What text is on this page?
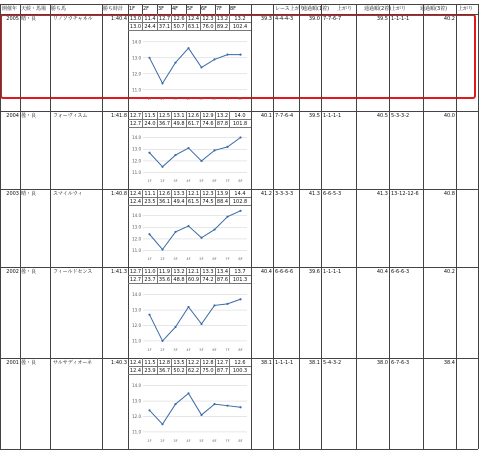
開催年 天候・馬場 勝ち馬	勝ち時計 1F 2F 3F 4F 5F 6F 7F 8F	レース上がり
通過順(1着) 上がり 通過順(2着) 上がり	通過順(3着) 上がり
2005 晴・良	リノソウチャネル	1:40.4 13.0 11.4 12.7 12.6 12.4 12.3 13.2	13.2
13.0 24.4 37.1 50.7 63.1 76.0 89.2 102.4
39.3 4-4-4-3	39.0 7-7-6-7	39.5 1-1-1-1	40.2
2004 曇・良	フォーヴィスム	1:41.8 12.7 11.5 12.5 13.1 12.6 12.9 13.2	14.0
12.7 24.0 36.7 49.8 61.7 74.6 87.8 101.8
40.1 7-7-6-4	39.5 1-1-1-1	40.5 5-3-3-2	40.0
2003 晴・良	スマイルウィ	1:40.8 12.4 11.1 12.6 13.3 12.1 12.3 13.9	14.4
12.4 23.5 36.1 49.4 61.5 74.5 88.4 102.8
41.2 3-3-3-3	41.3 6-6-5-3	41.3 13-12-12-6	40.8
2002 曇・良	フィールドセンス	1:41.3 12.7 11.0 11.9 13.2 12.1 13.3 13.4	13.7
12.7 23.7 35.6 48.8 60.9 74.2 87.6 101.3
40.4 6-6-6-6	39.6 1-1-1-1	40.4 6-6-6-3	40.2
2001 曇・良	サルサディオーネ	1:40.3 12.4 11.5 12.8 13.5 12.2 12.8 12.7	12.6
12.4 23.9 36.7 50.2 62.2 75.0 87.7 100.3
38.1 1-1-1-1	38.1 5-4-3-2	38.0 6-7-6-3	38.4
14.0
13.0
12.0
11.0
1F	2F	3F	4F	5F	6F	7F	8F
14.0
13.0
12.0
11.0
1F	2F	3F	4F	5F	6F	7F	8F
14.0
13.0
12.0
11.0
1F	2F	3F	4F	5F	6F	7F	8F
14.0
13.0
12.0
11.0
1F	2F	3F	4F	5F	6F	7F	8F
14.0
13.0
12.0
11.0
1F	2F	3F	4F	5F	6F	7F	8F
